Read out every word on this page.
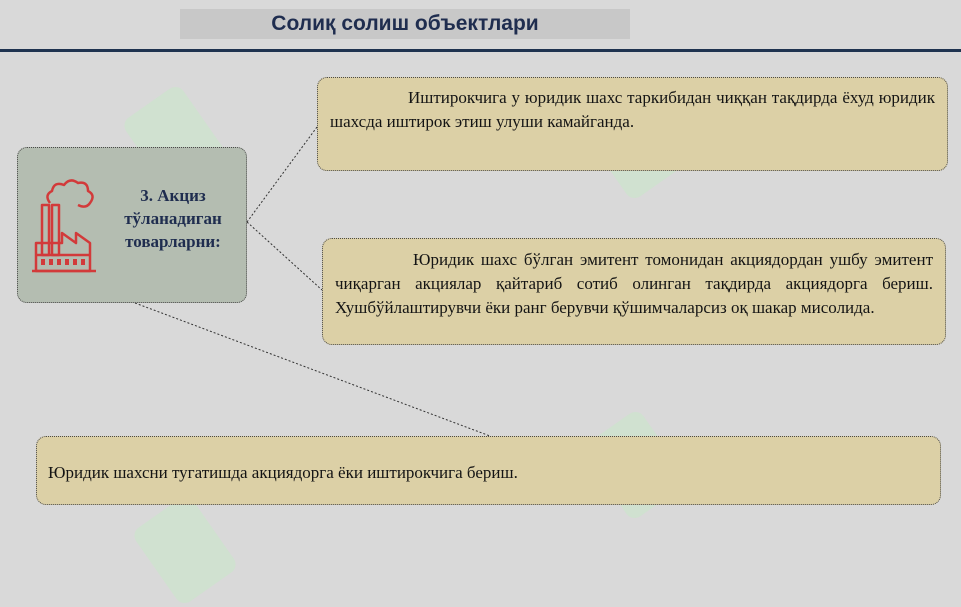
Солиқ солиш объектлари
3. Акциз
тўланадиган
товарларни:
Иштирокчига у юридик шахс таркибидан чиққан тақдирда ёхуд юридик шахсда иштирок этиш улуши камайганда.
Юридик шахс бўлган эмитент томонидан акциядордан ушбу эмитент чиқарган акциялар қайтариб сотиб олинган тақдирда акциядорга бериш. Хушбўйлаштирувчи ёки ранг берувчи қўшимчаларсиз оқ шакар мисолида.
Юридик шахсни тугатишда акциядорга ёки иштирокчига бериш.
